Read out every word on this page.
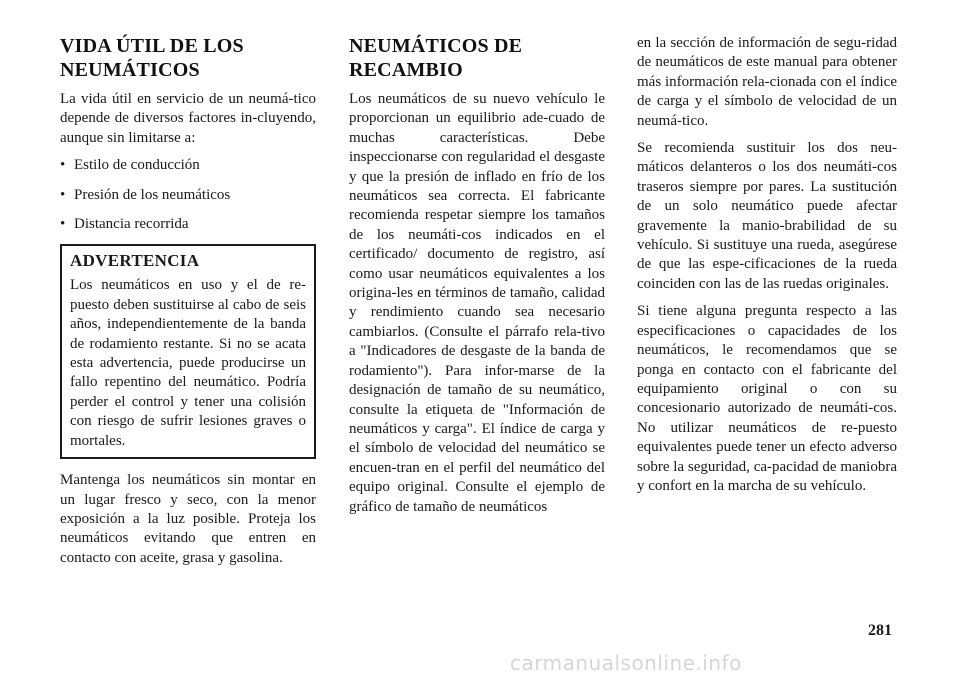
VIDA ÚTIL DE LOS
NEUMÁTICOS

La vida útil en servicio de un neumá-tico depende de diversos factores in-cluyendo, aunque sin limitarse a:

• Estilo de conducción
• Presión de los neumáticos
• Distancia recorrida
ADVERTENCIA

Los neumáticos en uso y el de re-puesto deben sustituirse al cabo de seis años, independientemente de la banda de rodamiento restante. Si no se acata esta advertencia, puede producirse un fallo repentino del neumático. Podría perder el control y tener una colisión con riesgo de sufrir lesiones graves o mortales.

Mantenga los neumáticos sin montar en un lugar fresco y seco, con la menor exposición a la luz posible. Proteja los neumáticos evitando que entren en contacto con aceite, grasa y gasolina.

NEUMÁTICOS DE
RECAMBIO

Los neumáticos de su nuevo vehículo le proporcionan un equilibrio ade-cuado de muchas características. Debe inspeccionarse con regularidad el desgaste y que la presión de inflado en frío de los neumáticos sea correcta. El fabricante recomienda respetar siempre los tamaños de los neumáti-cos indicados en el certificado/ documento de registro, así como usar neumáticos equivalentes a los origina-les en términos de tamaño, calidad y rendimiento cuando sea necesario cambiarlos. (Consulte el párrafo rela-tivo a "Indicadores de desgaste de la banda de rodamiento"). Para infor-marse de la designación de tamaño de su neumático, consulte la etiqueta de "Información de neumáticos y carga". El índice de carga y el símbolo de velocidad del neumático se encuen-tran en el perfil del neumático del equipo original. Consulte el ejemplo de gráfico de tamaño de neumáticos

en la sección de información de segu-ridad de neumáticos de este manual para obtener más información rela-cionada con el índice de carga y el símbolo de velocidad de un neumá-tico.

Se recomienda sustituir los dos neu-máticos delanteros o los dos neumáti-cos traseros siempre por pares. La sustitución de un solo neumático puede afectar gravemente la manio-brabilidad de su vehículo. Si sustituye una rueda, asegúrese de que las espe-cificaciones de la rueda coinciden con las de las ruedas originales.

Si tiene alguna pregunta respecto a las especificaciones o capacidades de los neumáticos, le recomendamos que se ponga en contacto con el fabricante del equipamiento original o con su concesionario autorizado de neumáti-cos. No utilizar neumáticos de re-puesto equivalentes puede tener un efecto adverso sobre la seguridad, ca-pacidad de maniobra y confort en la marcha de su vehículo.

281
carmanualsonline.info
